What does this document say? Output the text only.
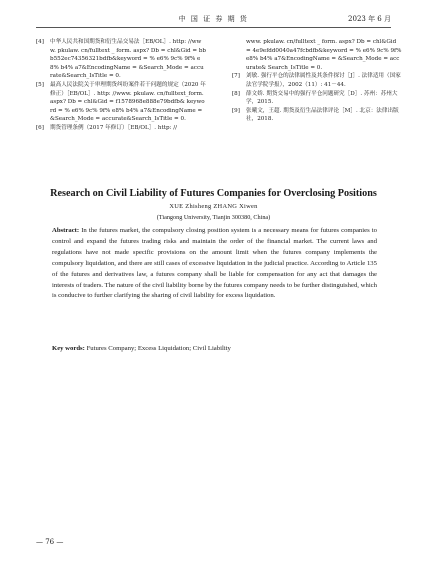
中 国 证 券 期 货	2023 年 6 月
[4]	中华人民共和国期货和衍生品交易法［EB/OL］. http: //www. pkulaw. cn/fulltext _ form. aspx? Db = chl&Gid = bbb552ec74356321bdfb&keyword = % e6% 9c% 9f% e8% b4% a7&EncodingName = &Search_Mode = accurate&Search_IsTitle = 0.
[5]	最高人民法院关于审理期货纠纷案件若干问题的规定（2020 年修正）［EB/OL］. http: //www. pkulaw. cn/fulltext_form. aspx? Db = chl&Gid = f1578968e888e79bdfb& keyword = % e6% 9c% 9f% e8% b4% a7&EncodingName = &Search_Mode = accurate&Search_IsTitle = 0.
[6]	期货管理条例（2017 年修订）［EB/OL］. http: //
www. pkulaw. cn/fulltext _ form. aspx? Db = chl&Gid = 4e9efdd0040a47fcbdfb&keyword = % e6% 9c% 9f% e8% b4% a7&EncodingName = &Search_Mode = accurate& Search_IsTitle = 0.
[7]	刘敏. 强行平仓的法律属性及其条件探讨［J］. 法律适用（国家法官学院学报），2002（11）: 41－44.
[8]	薛文娇. 期货交易中的强行平仓问题研究［D］. 苏州：苏州大学，2015.
[9]	张曦文，王超. 期货及衍生品法律评论［M］. 北京：法律出版社，2018.
Research on Civil Liability of Futures Companies for Overclosing Positions
XUE Zhisheng ZHANG Xiwen
(Tiangong University, Tianjin 300380, China)
Abstract: In the futures market, the compulsory closing position system is a necessary means for futures companies to control and expand the futures trading risks and maintain the order of the financial market. The current laws and regulations have not made specific provisions on the amount limit when the futures company implements the compulsory liquidation, and there are still cases of excessive liquidation in the judicial practice. According to Article 135 of the futures and derivatives law, a futures company shall be liable for compensation for any act that damages the interests of traders. The nature of the civil liability borne by the futures company needs to be further distinguished, which is conducive to further clarifying the sharing of civil liability for excess liquidation.
Key words: Futures Company; Excess Liquidation; Civil Liability
— 76 —
